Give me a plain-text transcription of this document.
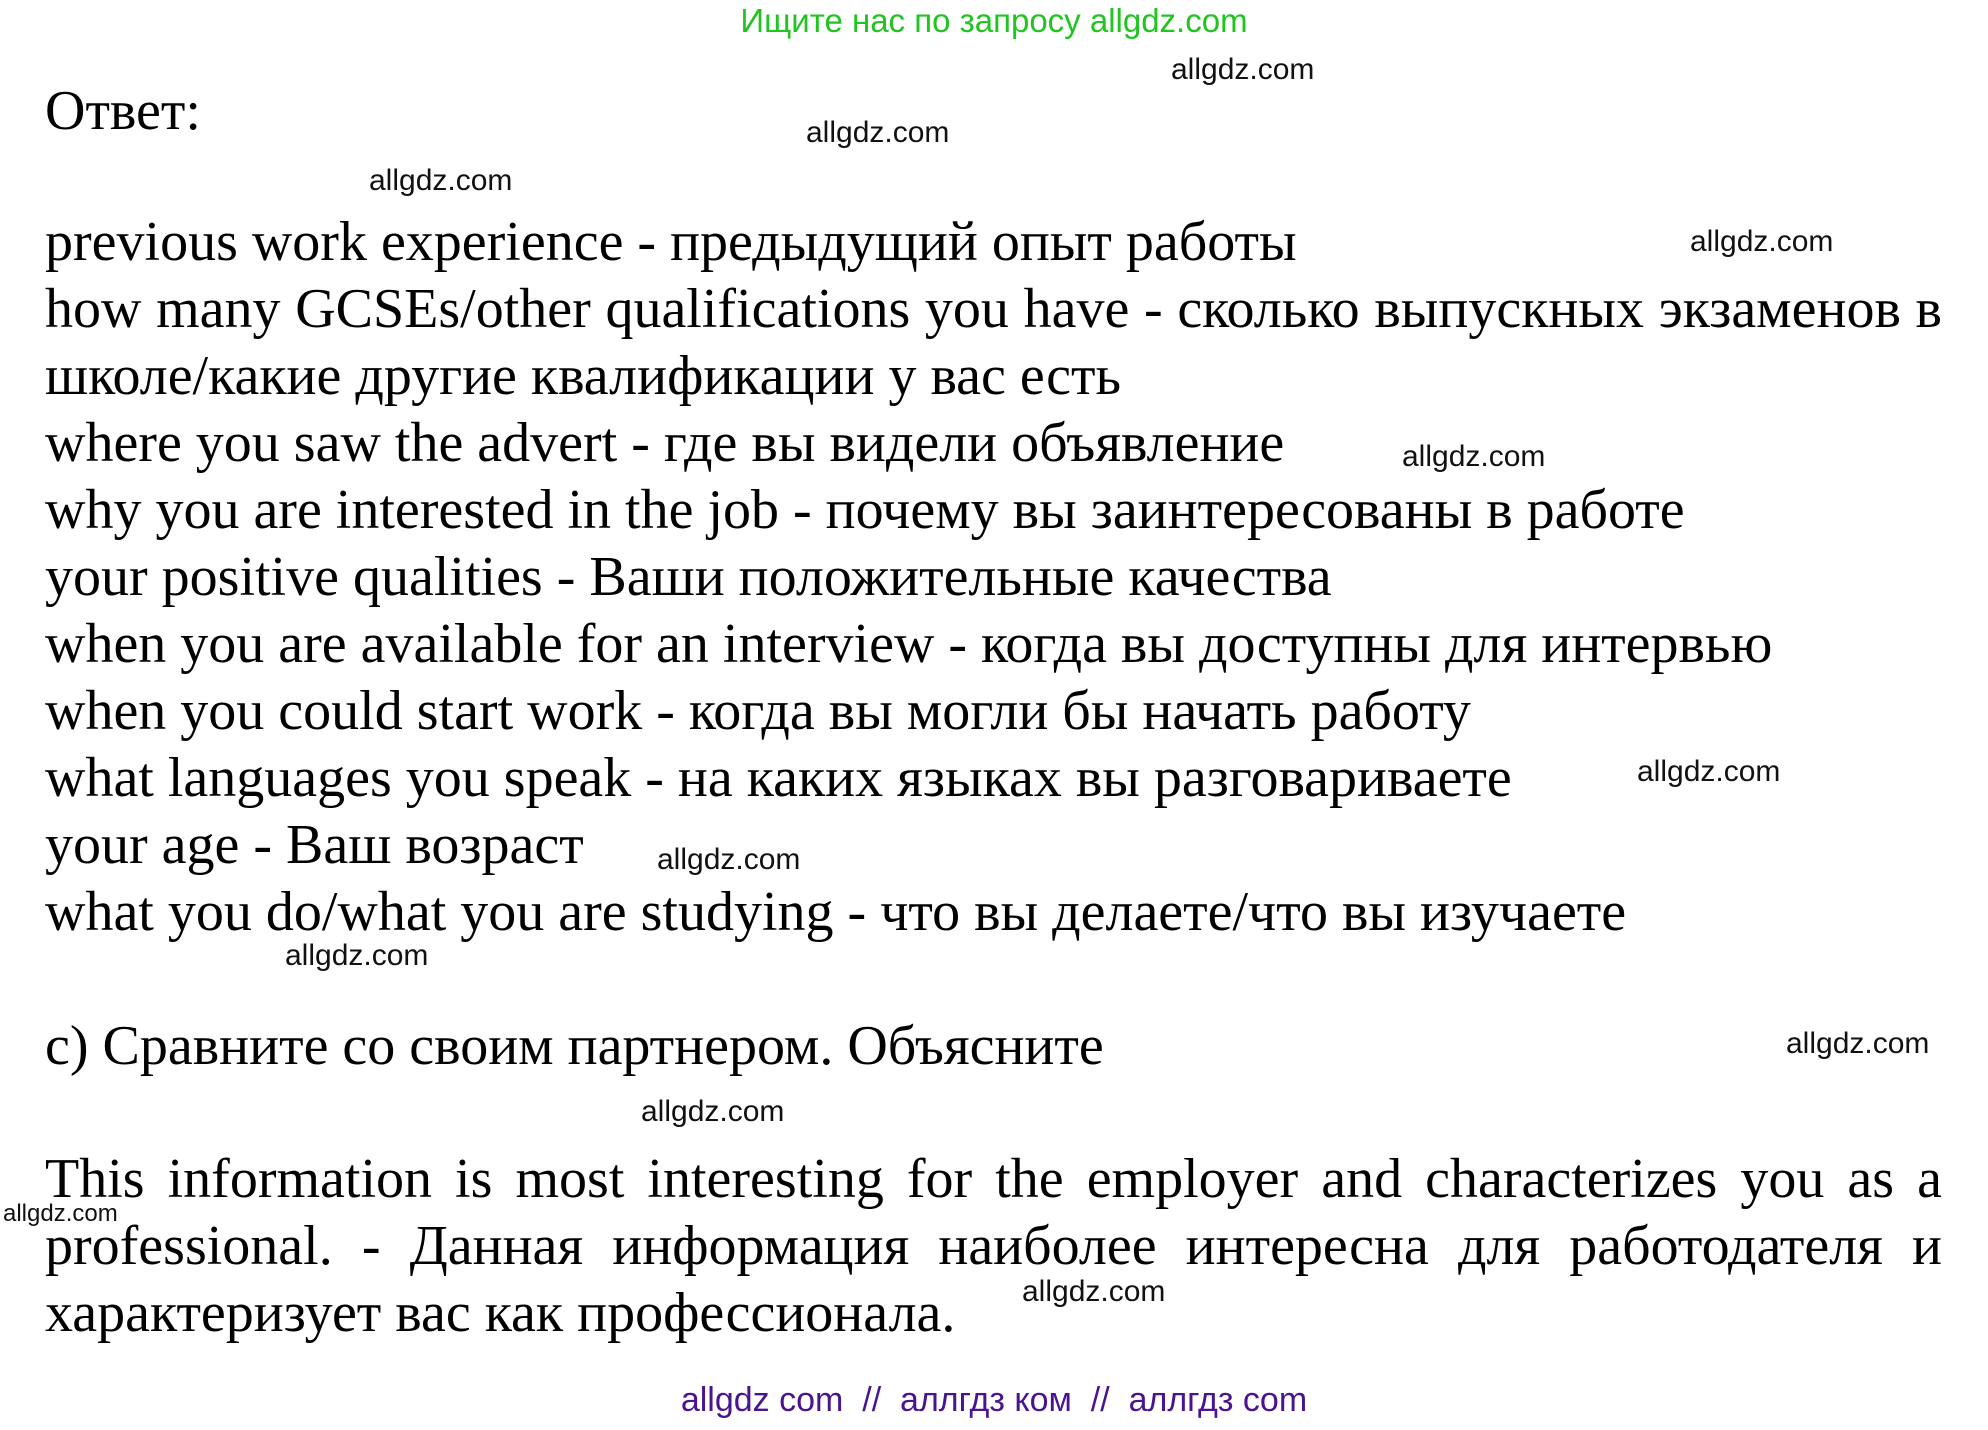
Ищите нас по запросу allgdz.com
Ответ:
previous work experience - предыдущий опыт работы
how many GCSEs/other qualifications you have - сколько выпускных экзаменов в школе/какие другие квалификации у вас есть
where you saw the advert - где вы видели объявление
why you are interested in the job - почему вы заинтересованы в работе
your positive qualities - Ваши положительные качества
when you are available for an interview - когда вы доступны для интервью
when you could start work - когда вы могли бы начать работу
what languages you speak - на каких языках вы разговариваете
your age - Ваш возраст
what you do/what you are studying - что вы делаете/что вы изучаете
c) Сравните со своим партнером. Объясните
This information is most interesting for the employer and characterizes you as a professional. - Данная информация наиболее интересна для работодателя и характеризует вас как профессионала.
allgdz.com
allgdz.com
allgdz.com
allgdz.com
allgdz.com
allgdz.com
allgdz.com
allgdz.com
allgdz.com
allgdz.com
allgdz.com
allgdz.com
allgdz com  //  аллгдз ком  //  аллгдз com
